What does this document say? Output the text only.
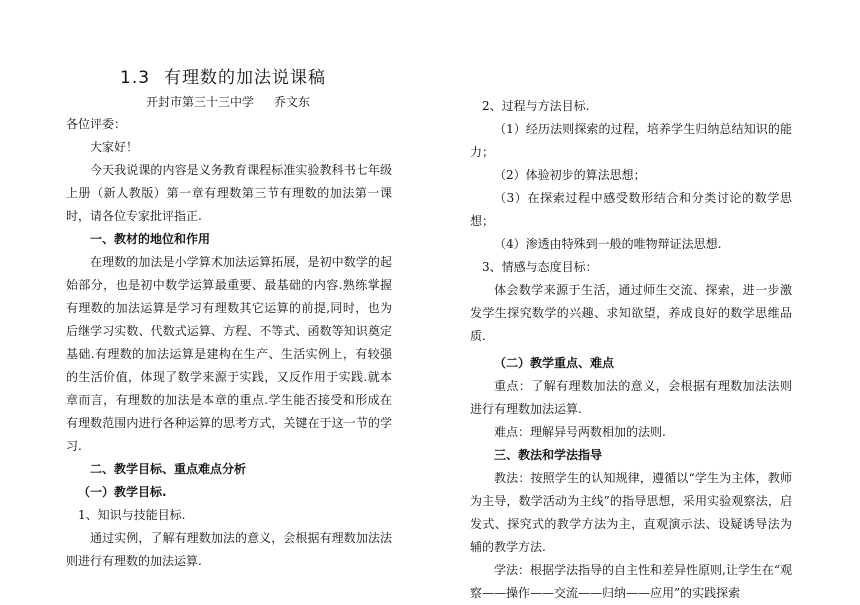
1.3 有理数的加法说课稿
开封市第三十三中学 乔文东

各位评委：

大家好！

今天我说课的内容是义务教育课程标准实验教科书七年级上册（新人教版）第一章有理数第三节有理数的加法第一课时，请各位专家批评指正.

一、教材的地位和作用

在理数的加法是小学算术加法运算拓展，是初中数学的起始部分，也是初中数学运算最重要、最基础的内容.熟练掌握有理数的加法运算是学习有理数其它运算的前提,同时，也为后继学习实数、代数式运算、方程、不等式、函数等知识奠定基础.有理数的加法运算是建构在生产、生活实例上，有较强的生活价值，体现了数学来源于实践，又反作用于实践.就本章而言，有理数的加法是本章的重点.学生能否接受和形成在有理数范围内进行各种运算的思考方式，关键在于这一节的学习.

二、教学目标、重点难点分析

（一）教学目标.

1、知识与技能目标.

通过实例，了解有理数加法的意义，会根据有理数加法法则进行有理数的加法运算.

2、过程与方法目标.

（1）经历法则探索的过程，培养学生归纳总结知识的能力；

（2）体验初步的算法思想；

（3）在探索过程中感受数形结合和分类讨论的数学思想；

（4）渗透由特殊到一般的唯物辩证法思想.

3、情感与态度目标：

体会数学来源于生活，通过师生交流、探索，进一步激发学生探究数学的兴趣、求知欲望，养成良好的数学思维品质.

（二）教学重点、难点

重点：了解有理数加法的意义，会根据有理数加法法则进行有理数加法运算.

难点：理解异号两数相加的法则.

三、教法和学法指导

教法：按照学生的认知规律，遵循以“学生为主体，教师为主导，数学活动为主线”的指导思想，采用实验观察法，启发式、探究式的教学方法为主，直观演示法、设疑诱导法为辅的教学方法.

学法：根据学法指导的自主性和差异性原则,让学生在“观察——操作——交流——归纳——应用”的实践探索
